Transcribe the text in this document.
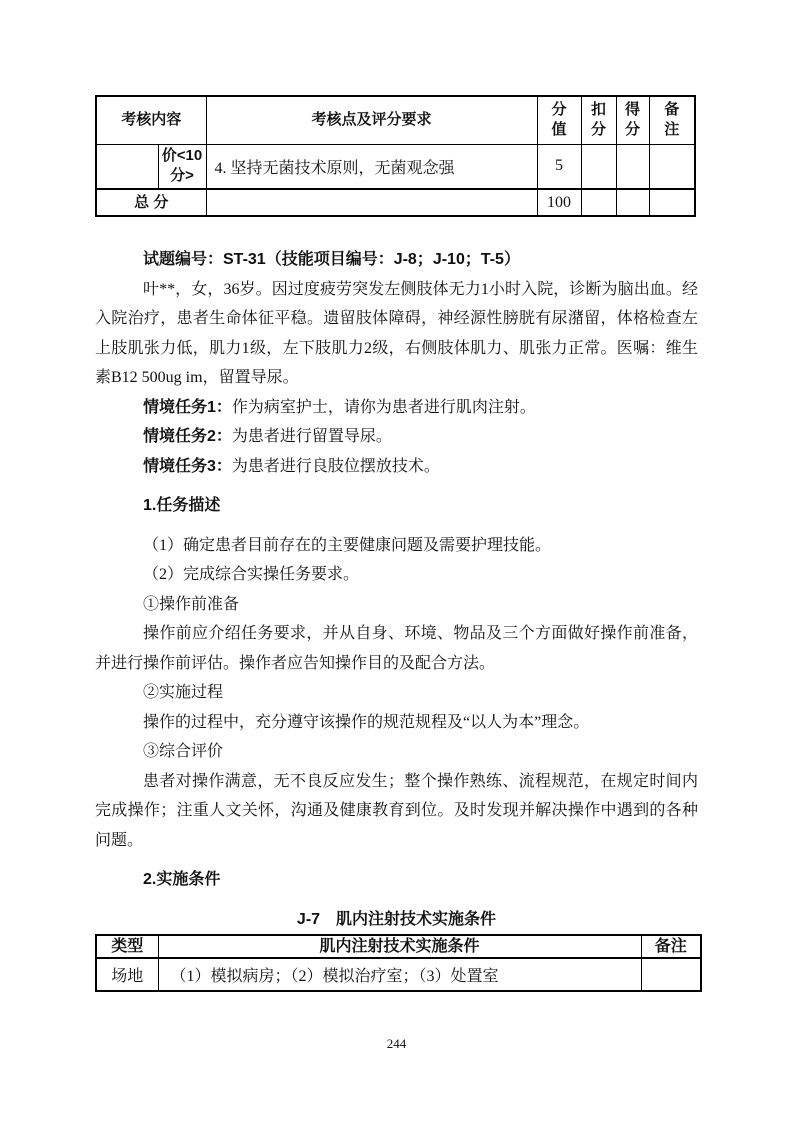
考核内容		考核点及评分要求	分值	扣分	得分	备注

	价<10分>	4. 坚持无菌技术原则，无菌观念强	5			
总 分			100			

试题编号：ST-31（技能项目编号：J-8；J-10；T-5）

叶**，女，36岁。因过度疲劳突发左侧肢体无力1小时入院，诊断为脑出血。经入院治疗，患者生命体征平稳。遗留肢体障碍，神经源性膀胱有尿潴留，体格检查左上肢肌张力低，肌力1级，左下肢肌力2级，右侧肢体肌力、肌张力正常。医嘱：维生素B12 500ug im，留置导尿。

情境任务1：作为病室护士，请你为患者进行肌肉注射。

情境任务2：为患者进行留置导尿。

情境任务3：为患者进行良肢位摆放技术。

1.任务描述

（1）确定患者目前存在的主要健康问题及需要护理技能。

（2）完成综合实操任务要求。

①操作前准备

操作前应介绍任务要求，并从自身、环境、物品及三个方面做好操作前准备，并进行操作前评估。操作者应告知操作目的及配合方法。

②实施过程

操作的过程中，充分遵守该操作的规范规程及“以人为本”理念。

③综合评价

患者对操作满意，无不良反应发生；整个操作熟练、流程规范，在规定时间内完成操作；注重人文关怀，沟通及健康教育到位。及时发现并解决操作中遇到的各种问题。

2.实施条件

J-7　肌内注射技术实施条件

类型	肌内注射技术实施条件	备注
场地	（1）模拟病房；（2）模拟治疗室；（3）处置室	
244
